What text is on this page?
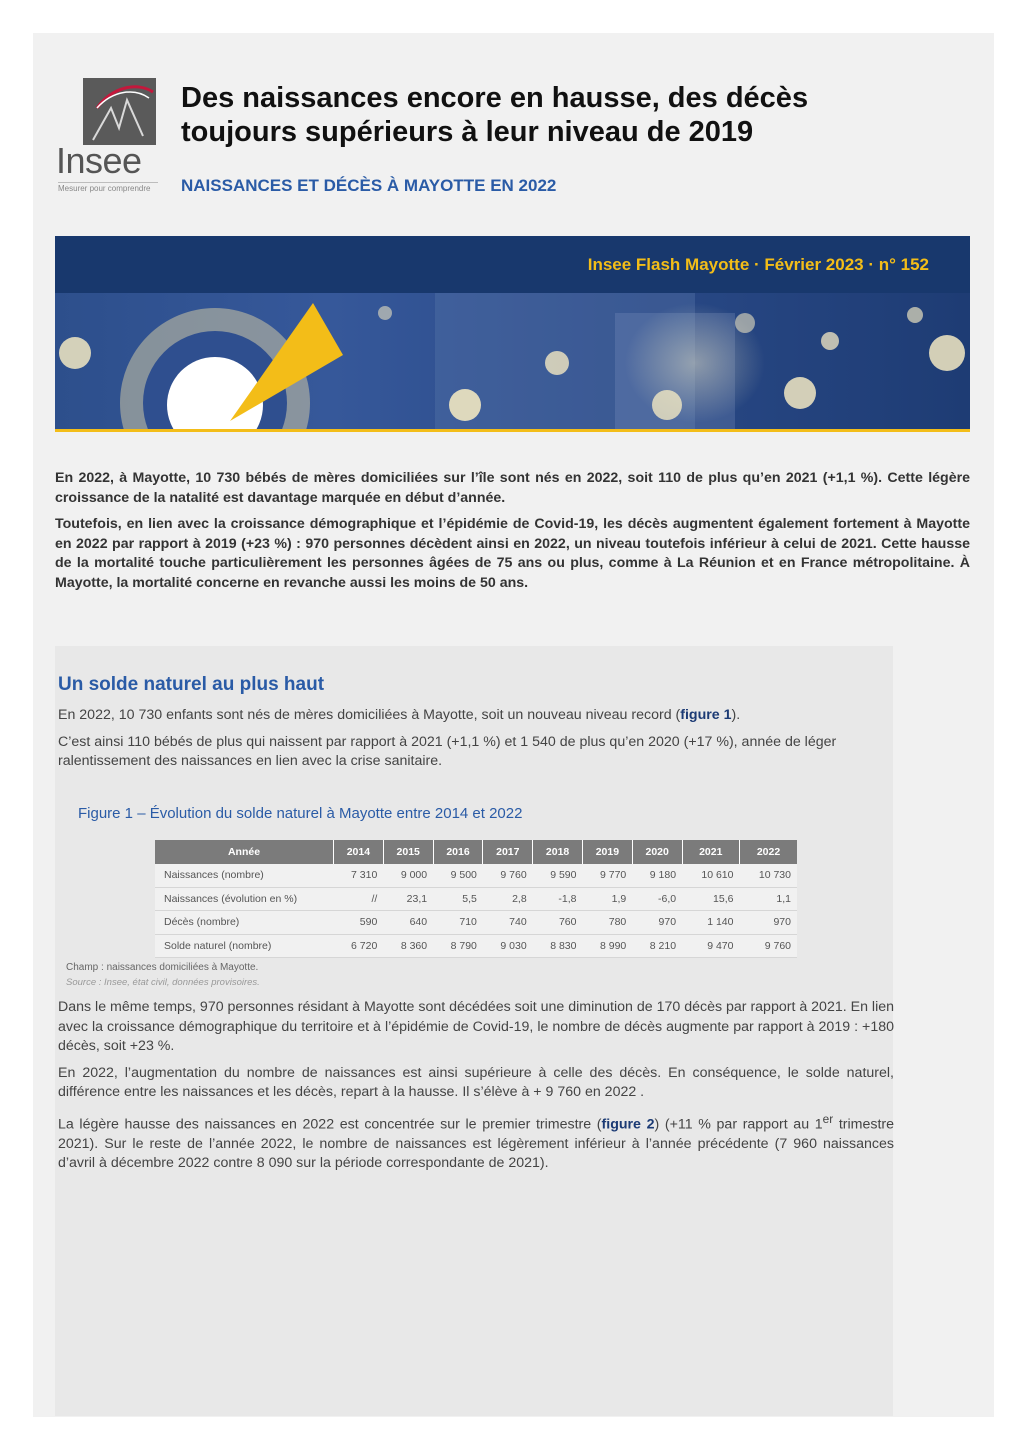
Insee
Mesurer pour comprendre
Des naissances encore en hausse, des décès toujours supérieurs à leur niveau de 2019
NAISSANCES ET DÉCÈS À MAYOTTE EN 2022
Insee Flash Mayotte · Février 2023 · n° 152

En 2022, à Mayotte, 10 730 bébés de mères domiciliées sur l’île sont nés en 2022, soit 110 de plus qu’en 2021 (+1,1 %). Cette légère croissance de la natalité est davantage marquée en début d’année.

Toutefois, en lien avec la croissance démographique et l’épidémie de Covid-19, les décès augmentent également fortement à Mayotte en 2022 par rapport à 2019 (+23 %) : 970 personnes décèdent ainsi en 2022, un niveau toutefois inférieur à celui de 2021. Cette hausse de la mortalité touche particulièrement les personnes âgées de 75 ans ou plus, comme à La Réunion et en France métropolitaine. À Mayotte, la mortalité concerne en revanche aussi les moins de 50 ans.

Un solde naturel au plus haut

En 2022, 10 730 enfants sont nés de mères domiciliées à Mayotte, soit un nouveau niveau record (figure 1).

C’est ainsi 110 bébés de plus qui naissent par rapport à 2021 (+1,1 %) et 1 540 de plus qu’en 2020 (+17 %), année de léger ralentissement des naissances en lien avec la crise sanitaire.

Figure 1 – Évolution du solde naturel à Mayotte entre 2014 et 2022
Année	2014	2015	2016	2017	2018	2019	2020	2021	2022
Naissances (nombre)	7 310	9 000	9 500	9 760	9 590	9 770	9 180	10 610	10 730
Naissances (évolution en %)	//	23,1	5,5	2,8	-1,8	1,9	-6,0	15,6	1,1
Décès (nombre)	590	640	710	740	760	780	970	1 140	970
Solde naturel (nombre)	6 720	8 360	8 790	9 030	8 830	8 990	8 210	9 470	9 760
Champ : naissances domiciliées à Mayotte.
Source : Insee, état civil, données provisoires.

Dans le même temps, 970 personnes résidant à Mayotte sont décédées soit une diminution de 170 décès par rapport à 2021. En lien avec la croissance démographique du territoire et à l’épidémie de Covid-19, le nombre de décès augmente par rapport à 2019 : +180 décès, soit +23 %.

En 2022, l’augmentation du nombre de naissances est ainsi supérieure à celle des décès. En conséquence, le solde naturel, différence entre les naissances et les décès, repart à la hausse. Il s’élève à + 9 760 en 2022 .

La légère hausse des naissances en 2022 est concentrée sur le premier trimestre (figure 2) (+11 % par rapport au 1er trimestre 2021). Sur le reste de l’année 2022, le nombre de naissances est légèrement inférieur à l’année précédente (7 960 naissances d’avril à décembre 2022 contre 8 090 sur la période correspondante de 2021).
